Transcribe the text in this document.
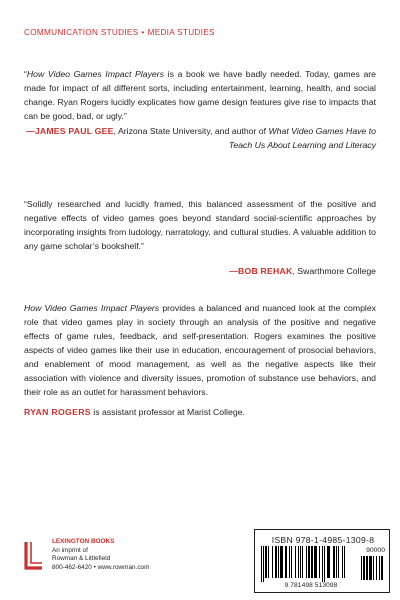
COMMUNICATION STUDIES • MEDIA STUDIES
“How Video Games Impact Players is a book we have badly needed. Today, games are made for impact of all different sorts, including entertainment, learning, health, and social change. Ryan Rogers lucidly explicates how game design features give rise to impacts that can be good, bad, or ugly.”
—JAMES PAUL GEE, Arizona State University, and author of What Video Games Have to Teach Us About Learning and Literacy
“Solidly researched and lucidly framed, this balanced assessment of the positive and negative effects of video games goes beyond standard social-scientific approaches by incorporating insights from ludology, narratology, and cultural studies. A valuable addition to any game scholar’s bookshelf.”
—BOB REHAK, Swarthmore College
How Video Games Impact Players provides a balanced and nuanced look at the complex role that video games play in society through an analysis of the positive and negative effects of game rules, feedback, and self-presentation. Rogers examines the positive aspects of video games like their use in education, encouragement of prosocial behaviors, and enablement of mood management, as well as the negative aspects like their association with violence and diversity issues, promotion of substance use behaviors, and their role as an outlet for harassment behaviors.
RYAN ROGERS is assistant professor at Marist College.
LEXINGTON BOOKS
An imprint of
Rowman & Littlefield
800-462-6420 • www.rowman.com
ISBN 978-1-4985-1309-8
90000
9 781498 513098
